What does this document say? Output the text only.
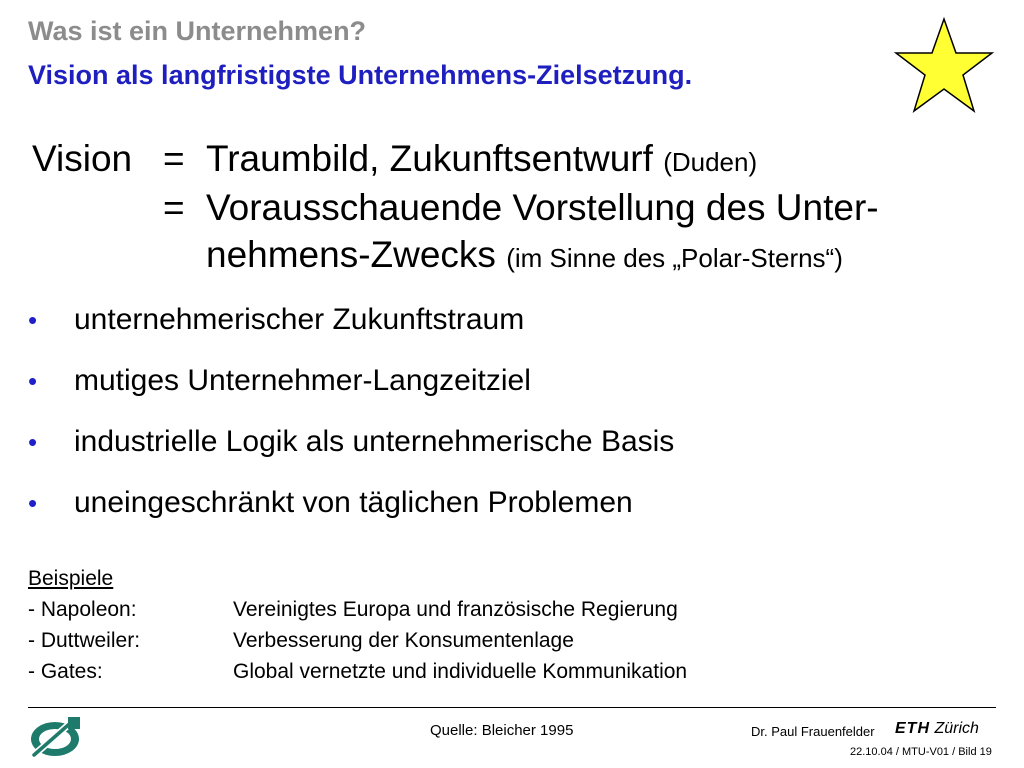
Was ist ein Unternehmen?
Vision als langfristigste Unternehmens-Zielsetzung.
Vision = Traumbild, Zukunftsentwurf (Duden)
= Vorausschauende Vorstellung des Unter-
nehmens-Zwecks (im Sinne des „Polar-Sterns“)
• unternehmerischer Zukunftstraum
• mutiges Unternehmer-Langzeitziel
• industrielle Logik als unternehmerische Basis
• uneingeschränkt von täglichen Problemen
Beispiele
- Napoleon:	Vereinigtes Europa und französische Regierung
- Duttweiler:	Verbesserung der Konsumentenlage
- Gates:	Global vernetzte und individuelle Kommunikation
Quelle: Bleicher 1995	Dr. Paul Frauenfelder ETH Zürich
22.10.04 / MTU-V01 / Bild 19
